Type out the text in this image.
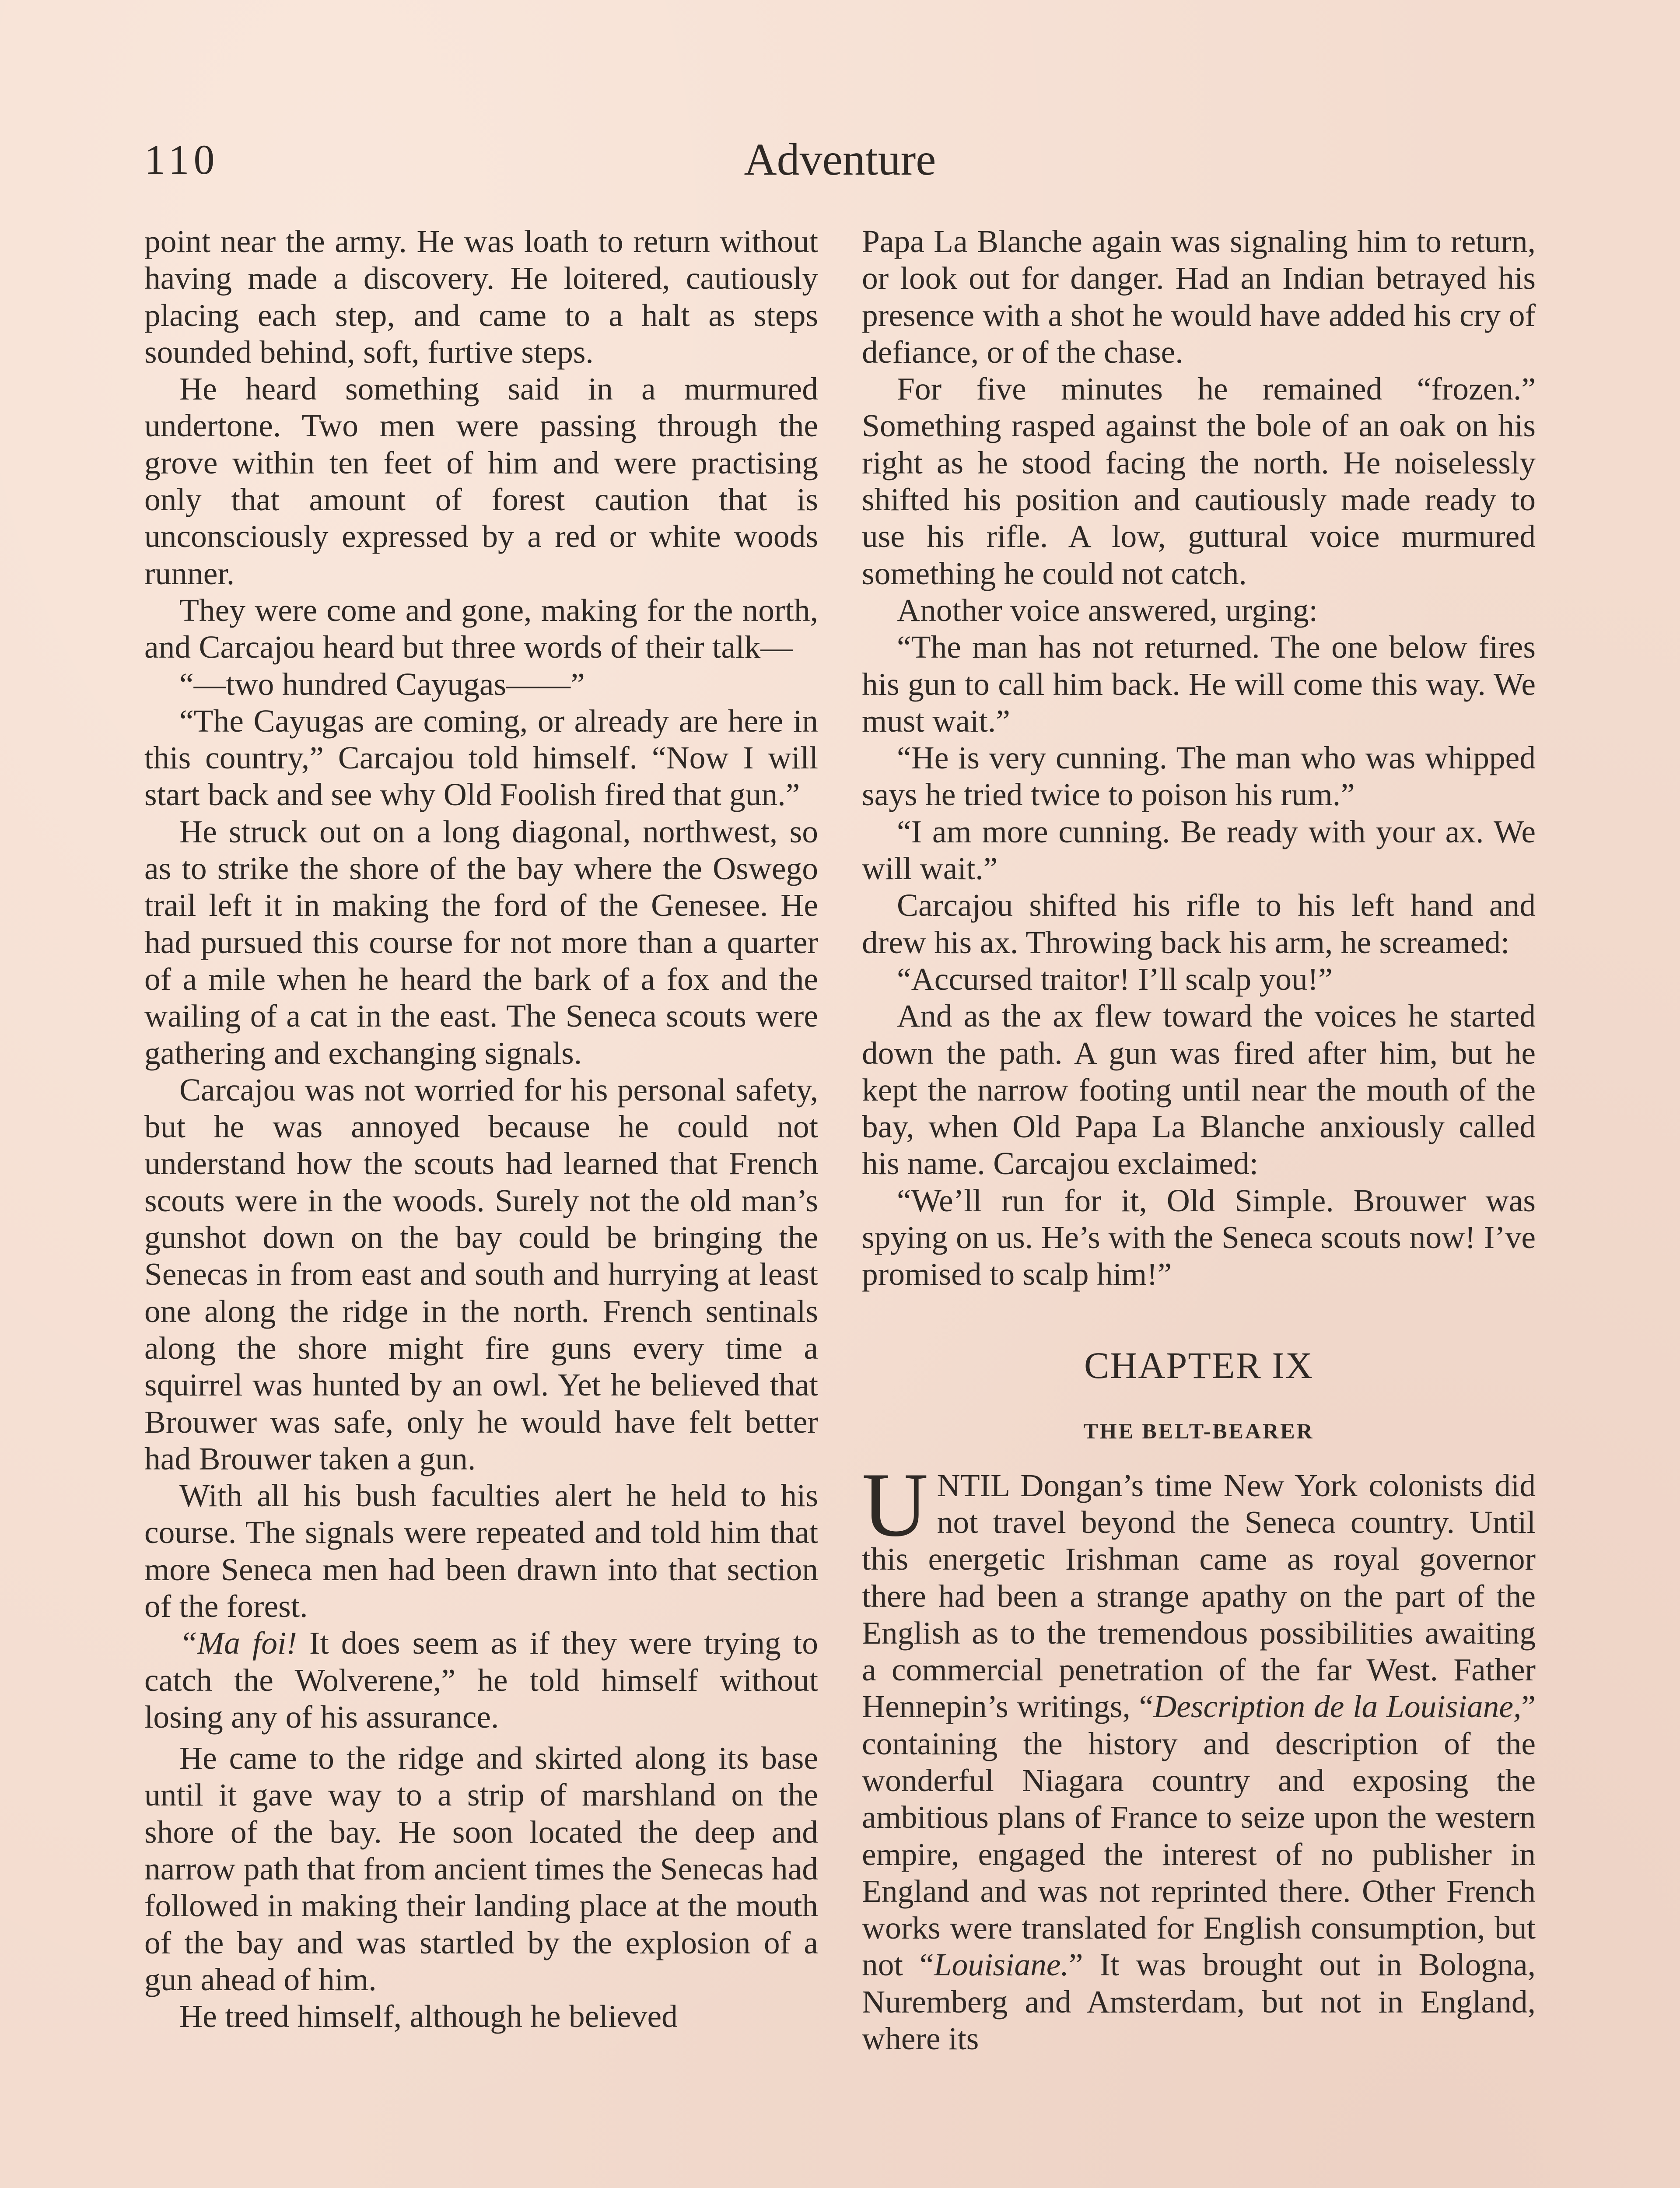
110	Adventure

point near the army. He was loath to return without having made a discovery. He loitered, cautiously placing each step, and came to a halt as steps sounded behind, soft, furtive steps.

He heard something said in a murmured undertone. Two men were passing through the grove within ten feet of him and were practising only that amount of forest caution that is unconsciously expressed by a red or white woods runner.

They were come and gone, making for the north, and Carcajou heard but three words of their talk—

“—two hundred Cayugas——”

“The Cayugas are coming, or already are here in this country,” Carcajou told himself. “Now I will start back and see why Old Foolish fired that gun.”

He struck out on a long diagonal, northwest, so as to strike the shore of the bay where the Oswego trail left it in making the ford of the Genesee. He had pursued this course for not more than a quarter of a mile when he heard the bark of a fox and the wailing of a cat in the east. The Seneca scouts were gathering and exchanging signals.

Carcajou was not worried for his personal safety, but he was annoyed because he could not understand how the scouts had learned that French scouts were in the woods. Surely not the old man’s gunshot down on the bay could be bringing the Senecas in from east and south and hurrying at least one along the ridge in the north. French sentinals along the shore might fire guns every time a squirrel was hunted by an owl. Yet he believed that Brouwer was safe, only he would have felt better had Brouwer taken a gun.

With all his bush faculties alert he held to his course. The signals were repeated and told him that more Seneca men had been drawn into that section of the forest.

“Ma foi! It does seem as if they were trying to catch the Wolverene,” he told himself without losing any of his assurance.

He came to the ridge and skirted along its base until it gave way to a strip of marshland on the shore of the bay. He soon located the deep and narrow path that from ancient times the Senecas had followed in making their landing place at the mouth of the bay and was startled by the explosion of a gun ahead of him.

He treed himself, although he believed

Papa La Blanche again was signaling him to return, or look out for danger. Had an Indian betrayed his presence with a shot he would have added his cry of defiance, or of the chase.

For five minutes he remained “frozen.” Something rasped against the bole of an oak on his right as he stood facing the north. He noiselessly shifted his position and cautiously made ready to use his rifle. A low, guttural voice murmured something he could not catch.

Another voice answered, urging:

“The man has not returned. The one below fires his gun to call him back. He will come this way. We must wait.”

“He is very cunning. The man who was whipped says he tried twice to poison his rum.”

“I am more cunning. Be ready with your ax. We will wait.”

Carcajou shifted his rifle to his left hand and drew his ax. Throwing back his arm, he screamed:

“Accursed traitor! I’ll scalp you!”

And as the ax flew toward the voices he started down the path. A gun was fired after him, but he kept the narrow footing until near the mouth of the bay, when Old Papa La Blanche anxiously called his name. Carcajou exclaimed:

“We’ll run for it, Old Simple. Brouwer was spying on us. He’s with the Seneca scouts now! I’ve promised to scalp him!”

CHAPTER IX
THE BELT-BEARER

UNTIL Dongan’s time New York colonists did not travel beyond the Seneca country. Until this energetic Irishman came as royal governor there had been a strange apathy on the part of the English as to the tremendous possibilities awaiting a commercial penetration of the far West. Father Hennepin’s writings, “Description de la Louisiane,” containing the history and description of the wonderful Niagara country and exposing the ambitious plans of France to seize upon the western empire, engaged the interest of no publisher in England and was not reprinted there. Other French works were translated for English consumption, but not “Louisiane.” It was brought out in Bologna, Nuremberg and Amsterdam, but not in England, where its
